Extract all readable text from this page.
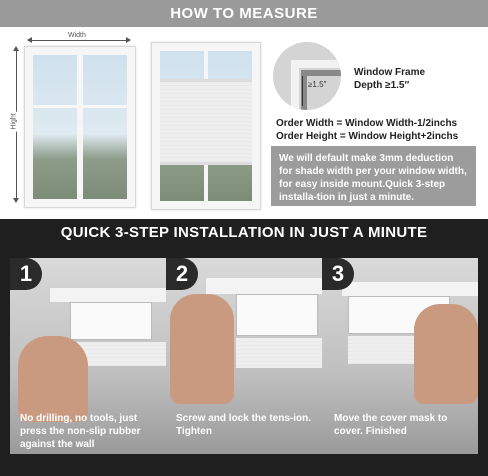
HOW TO MEASURE
Width
Hight
≥1.5″
Window Frame
Depth ≥1.5″
Order Width = Window Width-1/2inchs
Order Height = Window Height+2inchs
We will default make 3mm deduction for shade width per your window width, for easy inside mount.Quick 3-step installa-tion in just a minute.
QUICK 3-STEP INSTALLATION IN JUST A MINUTE
1
No drilling, no tools, just press the non-slip rubber against the wall
2
Screw and lock the tens-ion. Tighten
3
Move the cover mask to cover. Finished
